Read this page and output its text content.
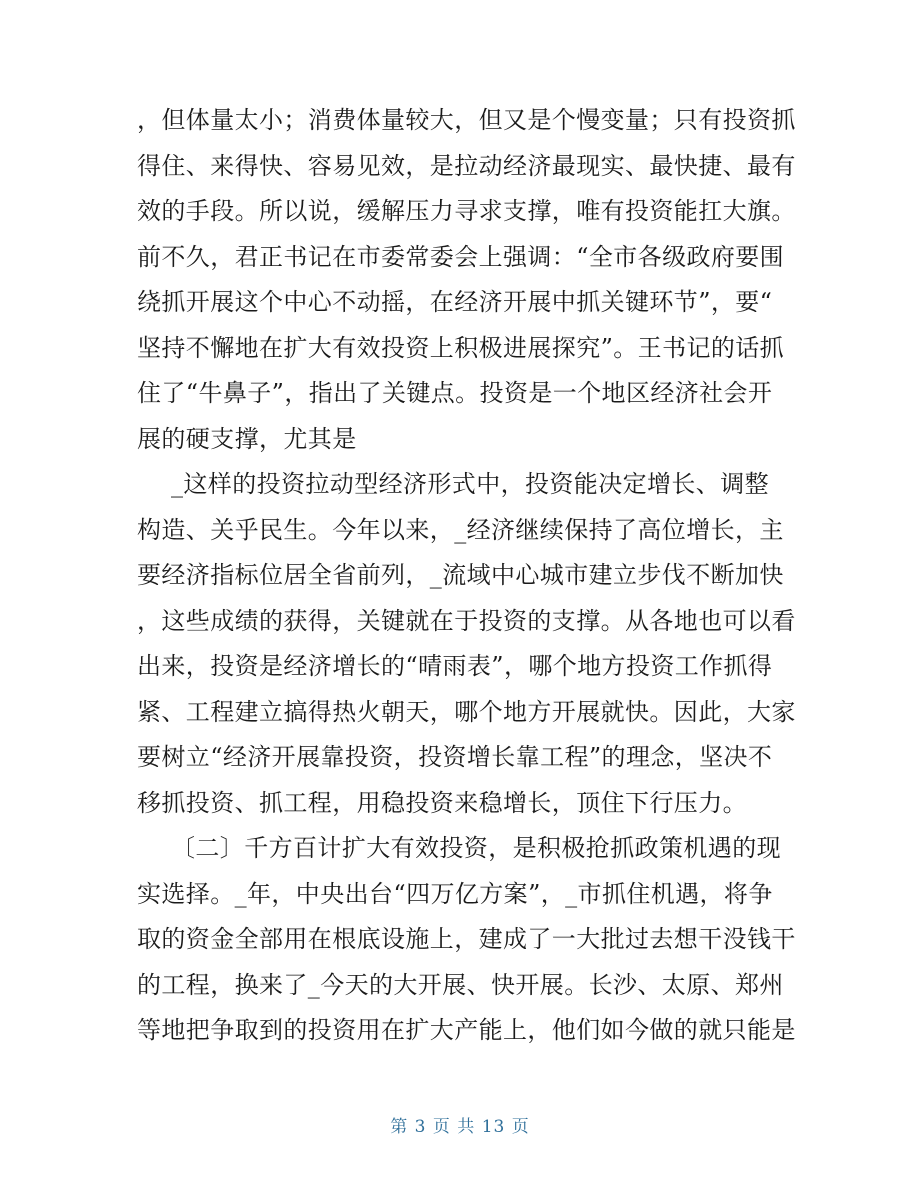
，但体量太小；消费体量较大，但又是个慢变量；只有投资抓
得住、来得快、容易见效，是拉动经济最现实、最快捷、最有
效的手段。所以说，缓解压力寻求支撑，唯有投资能扛大旗。
前不久，君正书记在市委常委会上强调：“全市各级政府要围
绕抓开展这个中心不动摇，在经济开展中抓关键环节”，要“
坚持不懈地在扩大有效投资上积极进展探究”。王书记的话抓
住了“牛鼻子”，指出了关键点。投资是一个地区经济社会开
展的硬支撑，尤其是
_这样的投资拉动型经济形式中，投资能决定增长、调整
构造、关乎民生。今年以来，_经济继续保持了高位增长，主
要经济指标位居全省前列，_流域中心城市建立步伐不断加快
，这些成绩的获得，关键就在于投资的支撑。从各地也可以看
出来，投资是经济增长的“晴雨表”，哪个地方投资工作抓得
紧、工程建立搞得热火朝天，哪个地方开展就快。因此，大家
要树立“经济开展靠投资，投资增长靠工程”的理念，坚决不
移抓投资、抓工程，用稳投资来稳增长，顶住下行压力。
〔二〕千方百计扩大有效投资，是积极抢抓政策机遇的现
实选择。_年，中央出台“四万亿方案”，_市抓住机遇，将争
取的资金全部用在根底设施上，建成了一大批过去想干没钱干
的工程，换来了_今天的大开展、快开展。长沙、太原、郑州
等地把争取到的投资用在扩大产能上，他们如今做的就只能是
第 3 页 共 13 页
